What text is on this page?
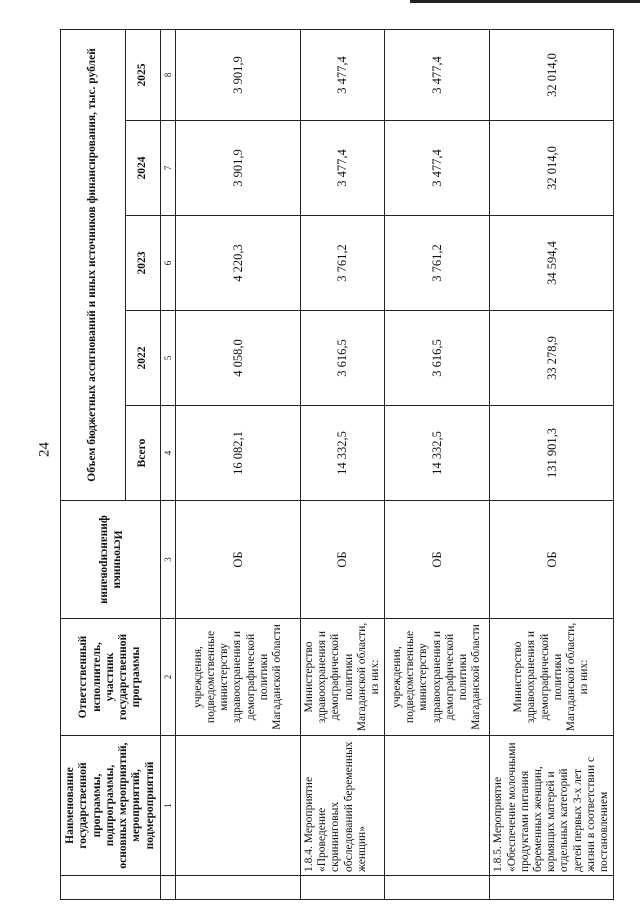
24
	Наименование государственной программы, подпрограммы, основных мероприятий, мероприятий, подмероприятий	Ответственный исполнитель, участник государственной программы	Источники финансирования	Объем бюджетных ассигнований и иных источников финансирования, тыс. рублей				
				Всего	2022	2023	2024	2025
	1	2	3	4	5	6	7	8
		учреждения, подведомственные министерству здравоохранения и демографической политики Магаданской области	ОБ	16 082,1	4 058,0	4 220,3	3 901,9	3 901,9
	1.8.4. Мероприятие «Проведение скрининговых обследований беременных женщин»	Министерство здравоохранения и демографической политики Магаданской области, из них:	ОБ	14 332,5	3 616,5	3 761,2	3 477,4	3 477,4
		учреждения, подведомственные министерству здравоохранения и демографической политики Магаданской области	ОБ	14 332,5	3 616,5	3 761,2	3 477,4	3 477,4
	1.8.5. Мероприятие «Обеспечение молочными продуктами питания беременных женщин, кормящих матерей и отдельных категорий детей первых 3-х лет жизни в соответствии с постановлением	Министерство здравоохранения и демографической политики Магаданской области, из них:	ОБ	131 901,3	33 278,9	34 594,4	32 014,0	32 014,0
